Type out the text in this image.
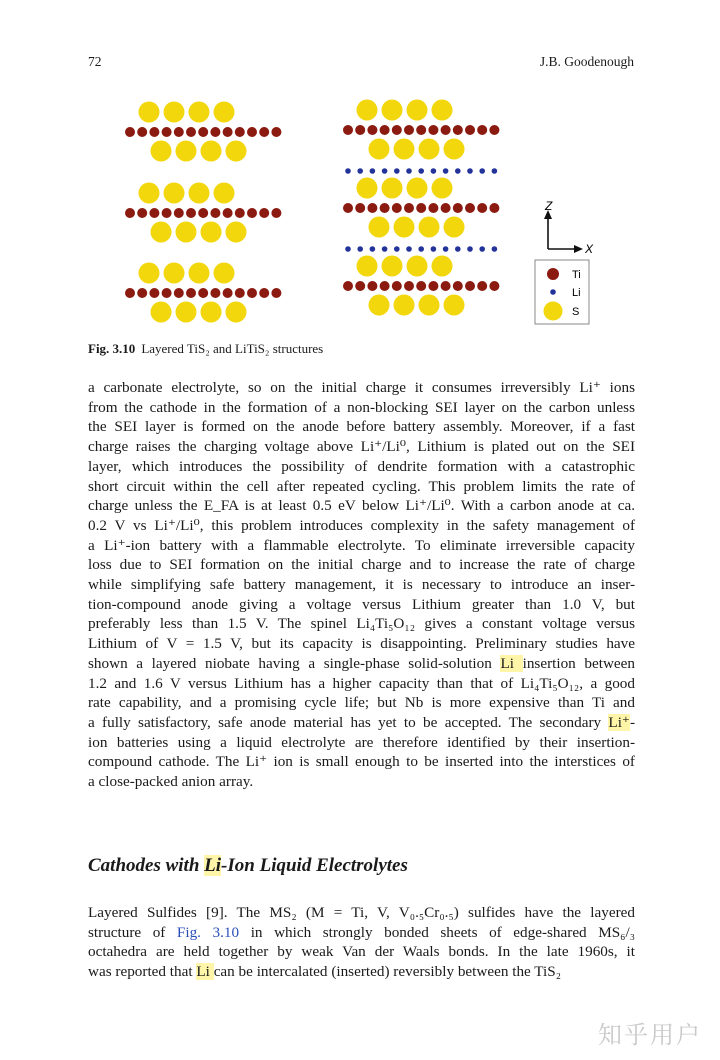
72	J.B. Goodenough
Z
X
Ti
Li
S
Fig. 3.10 Layered TiS₂ and LiTiS₂ structures

a carbonate electrolyte, so on the initial charge it consumes irreversibly Li⁺ ions

from the cathode in the formation of a non-blocking SEI layer on the carbon unless

the SEI layer is formed on the anode before battery assembly. Moreover, if a fast

charge raises the charging voltage above Li⁺/Li⁰, Lithium is plated out on the SEI

layer, which introduces the possibility of dendrite formation with a catastrophic

short circuit within the cell after repeated cycling. This problem limits the rate of

charge unless the E_FA is at least 0.5 eV below Li⁺/Li⁰. With a carbon anode at ca.

0.2 V vs Li⁺/Li⁰, this problem introduces complexity in the safety management of

a Li⁺-ion battery with a flammable electrolyte. To eliminate irreversible capacity

loss due to SEI formation on the initial charge and to increase the rate of charge

while simplifying safe battery management, it is necessary to introduce an inser-

tion-compound anode giving a voltage versus Lithium greater than 1.0 V, but

preferably less than 1.5 V. The spinel Li₄Ti₅O₁₂ gives a constant voltage versus

Lithium of V = 1.5 V, but its capacity is disappointing. Preliminary studies have

shown a layered niobate having a single-phase solid-solution Li insertion between

1.2 and 1.6 V versus Lithium has a higher capacity than that of Li₄Ti₅O₁₂, a good

rate capability, and a promising cycle life; but Nb is more expensive than Ti and

a fully satisfactory, safe anode material has yet to be accepted. The secondary Li⁺-

ion batteries using a liquid electrolyte are therefore identified by their insertion-

compound cathode. The Li⁺ ion is small enough to be inserted into the interstices of

a close-packed anion array.

Cathodes with Li-Ion Liquid Electrolytes

Layered Sulfides [9]. The MS₂ (M = Ti, V, V₀.₅Cr₀.₅) sulfides have the layered

structure of Fig. 3.10 in which strongly bonded sheets of edge-shared MS₆/₃

octahedra are held together by weak Van der Waals bonds. In the late 1960s, it

was reported that Li can be intercalated (inserted) reversibly between the TiS₂

知乎用户
